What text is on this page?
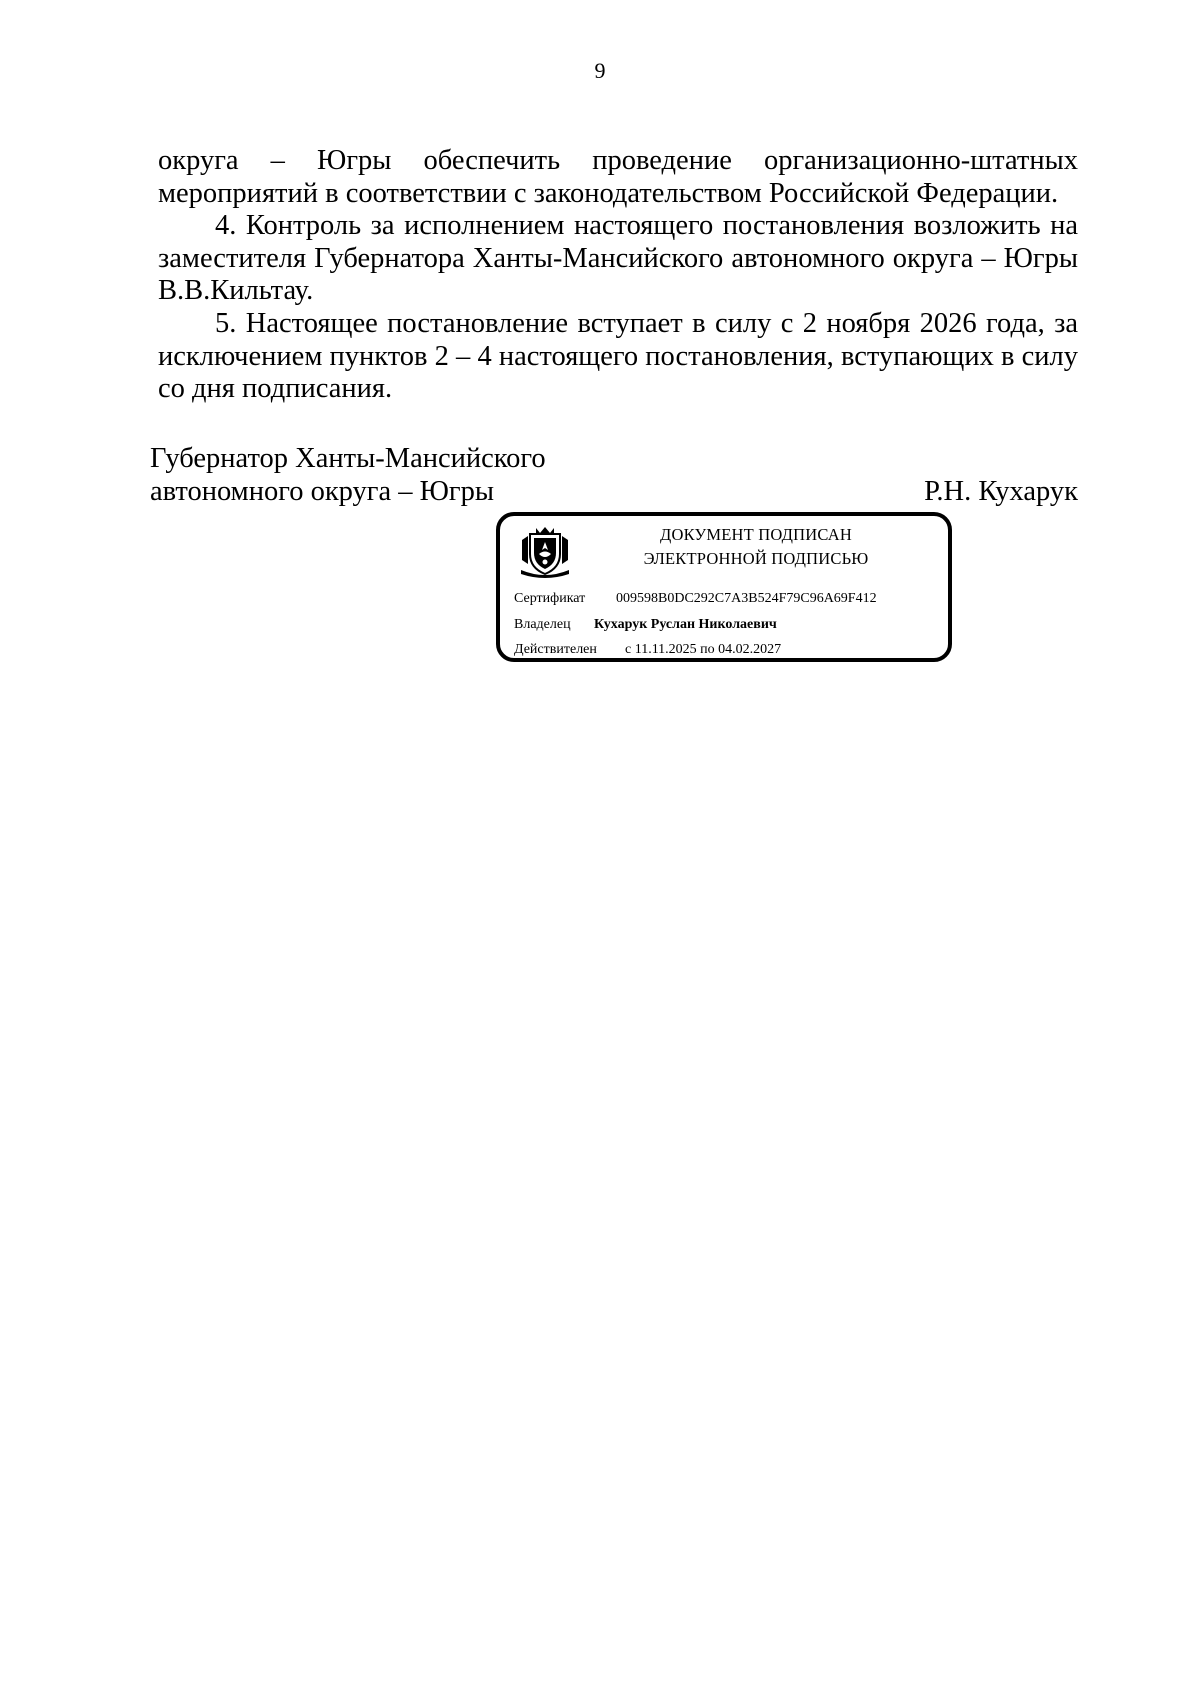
9

округа – Югры обеспечить проведение организационно-штатных
мероприятий в соответствии с законодательством Российской Федерации.

4. Контроль за исполнением настоящего постановления возложить на заместителя Губернатора Ханты-Мансийского автономного округа – Югры В.В.Кильтау.

5. Настоящее постановление вступает в силу с 2 ноября 2026 года, за исключением пунктов 2 – 4 настоящего постановления, вступающих в силу со дня подписания.

Губернатор Ханты-Мансийского
автономного округа – Югры	Р.Н. Кухарук
ДОКУМЕНТ ПОДПИСАН
ЭЛЕКТРОННОЙ ПОДПИСЬЮ
Сертификат 009598B0DC292C7A3B524F79C96A69F412
Владелец Кухарук Руслан Николаевич
Действителен с 11.11.2025 по 04.02.2027
